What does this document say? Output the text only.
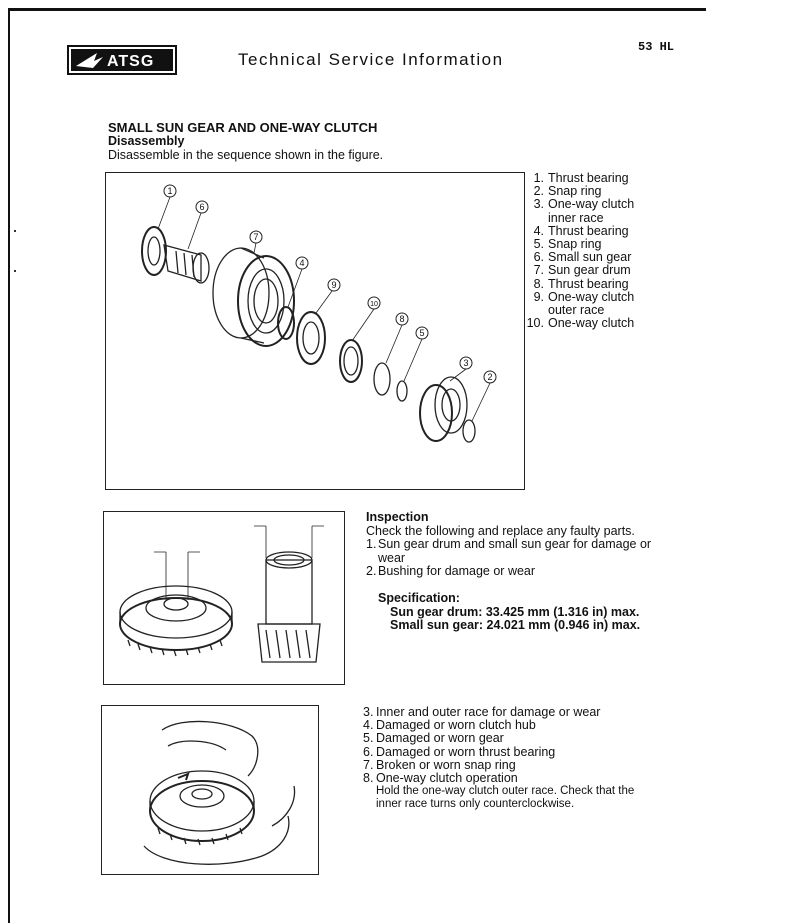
ATSG	Technical Service Information
53 HL
SMALL SUN GEAR AND ONE-WAY CLUTCH
Disassembly
Disassemble in the sequence shown in the figure.
1
6
7
4
9
10
8
5
3
2
1. Thrust bearing
2. Snap ring
3. One-way clutch inner race
4. Thrust bearing
5. Snap ring
6. Small sun gear
7. Sun gear drum
8. Thrust bearing
9. One-way clutch outer race
10. One-way clutch
Inspection
Check the following and replace any faulty parts.
1. Sun gear drum and small sun gear for damage or wear
2. Bushing for damage or wear
Specification:
Sun gear drum: 33.425 mm (1.316 in) max.
Small sun gear: 24.021 mm (0.946 in) max.
3. Inner and outer race for damage or wear
4. Damaged or worn clutch hub
5. Damaged or worn gear
6. Damaged or worn thrust bearing
7. Broken or worn snap ring
8. One-way clutch operation
Hold the one-way clutch outer race. Check that the inner race turns only counterclockwise.
